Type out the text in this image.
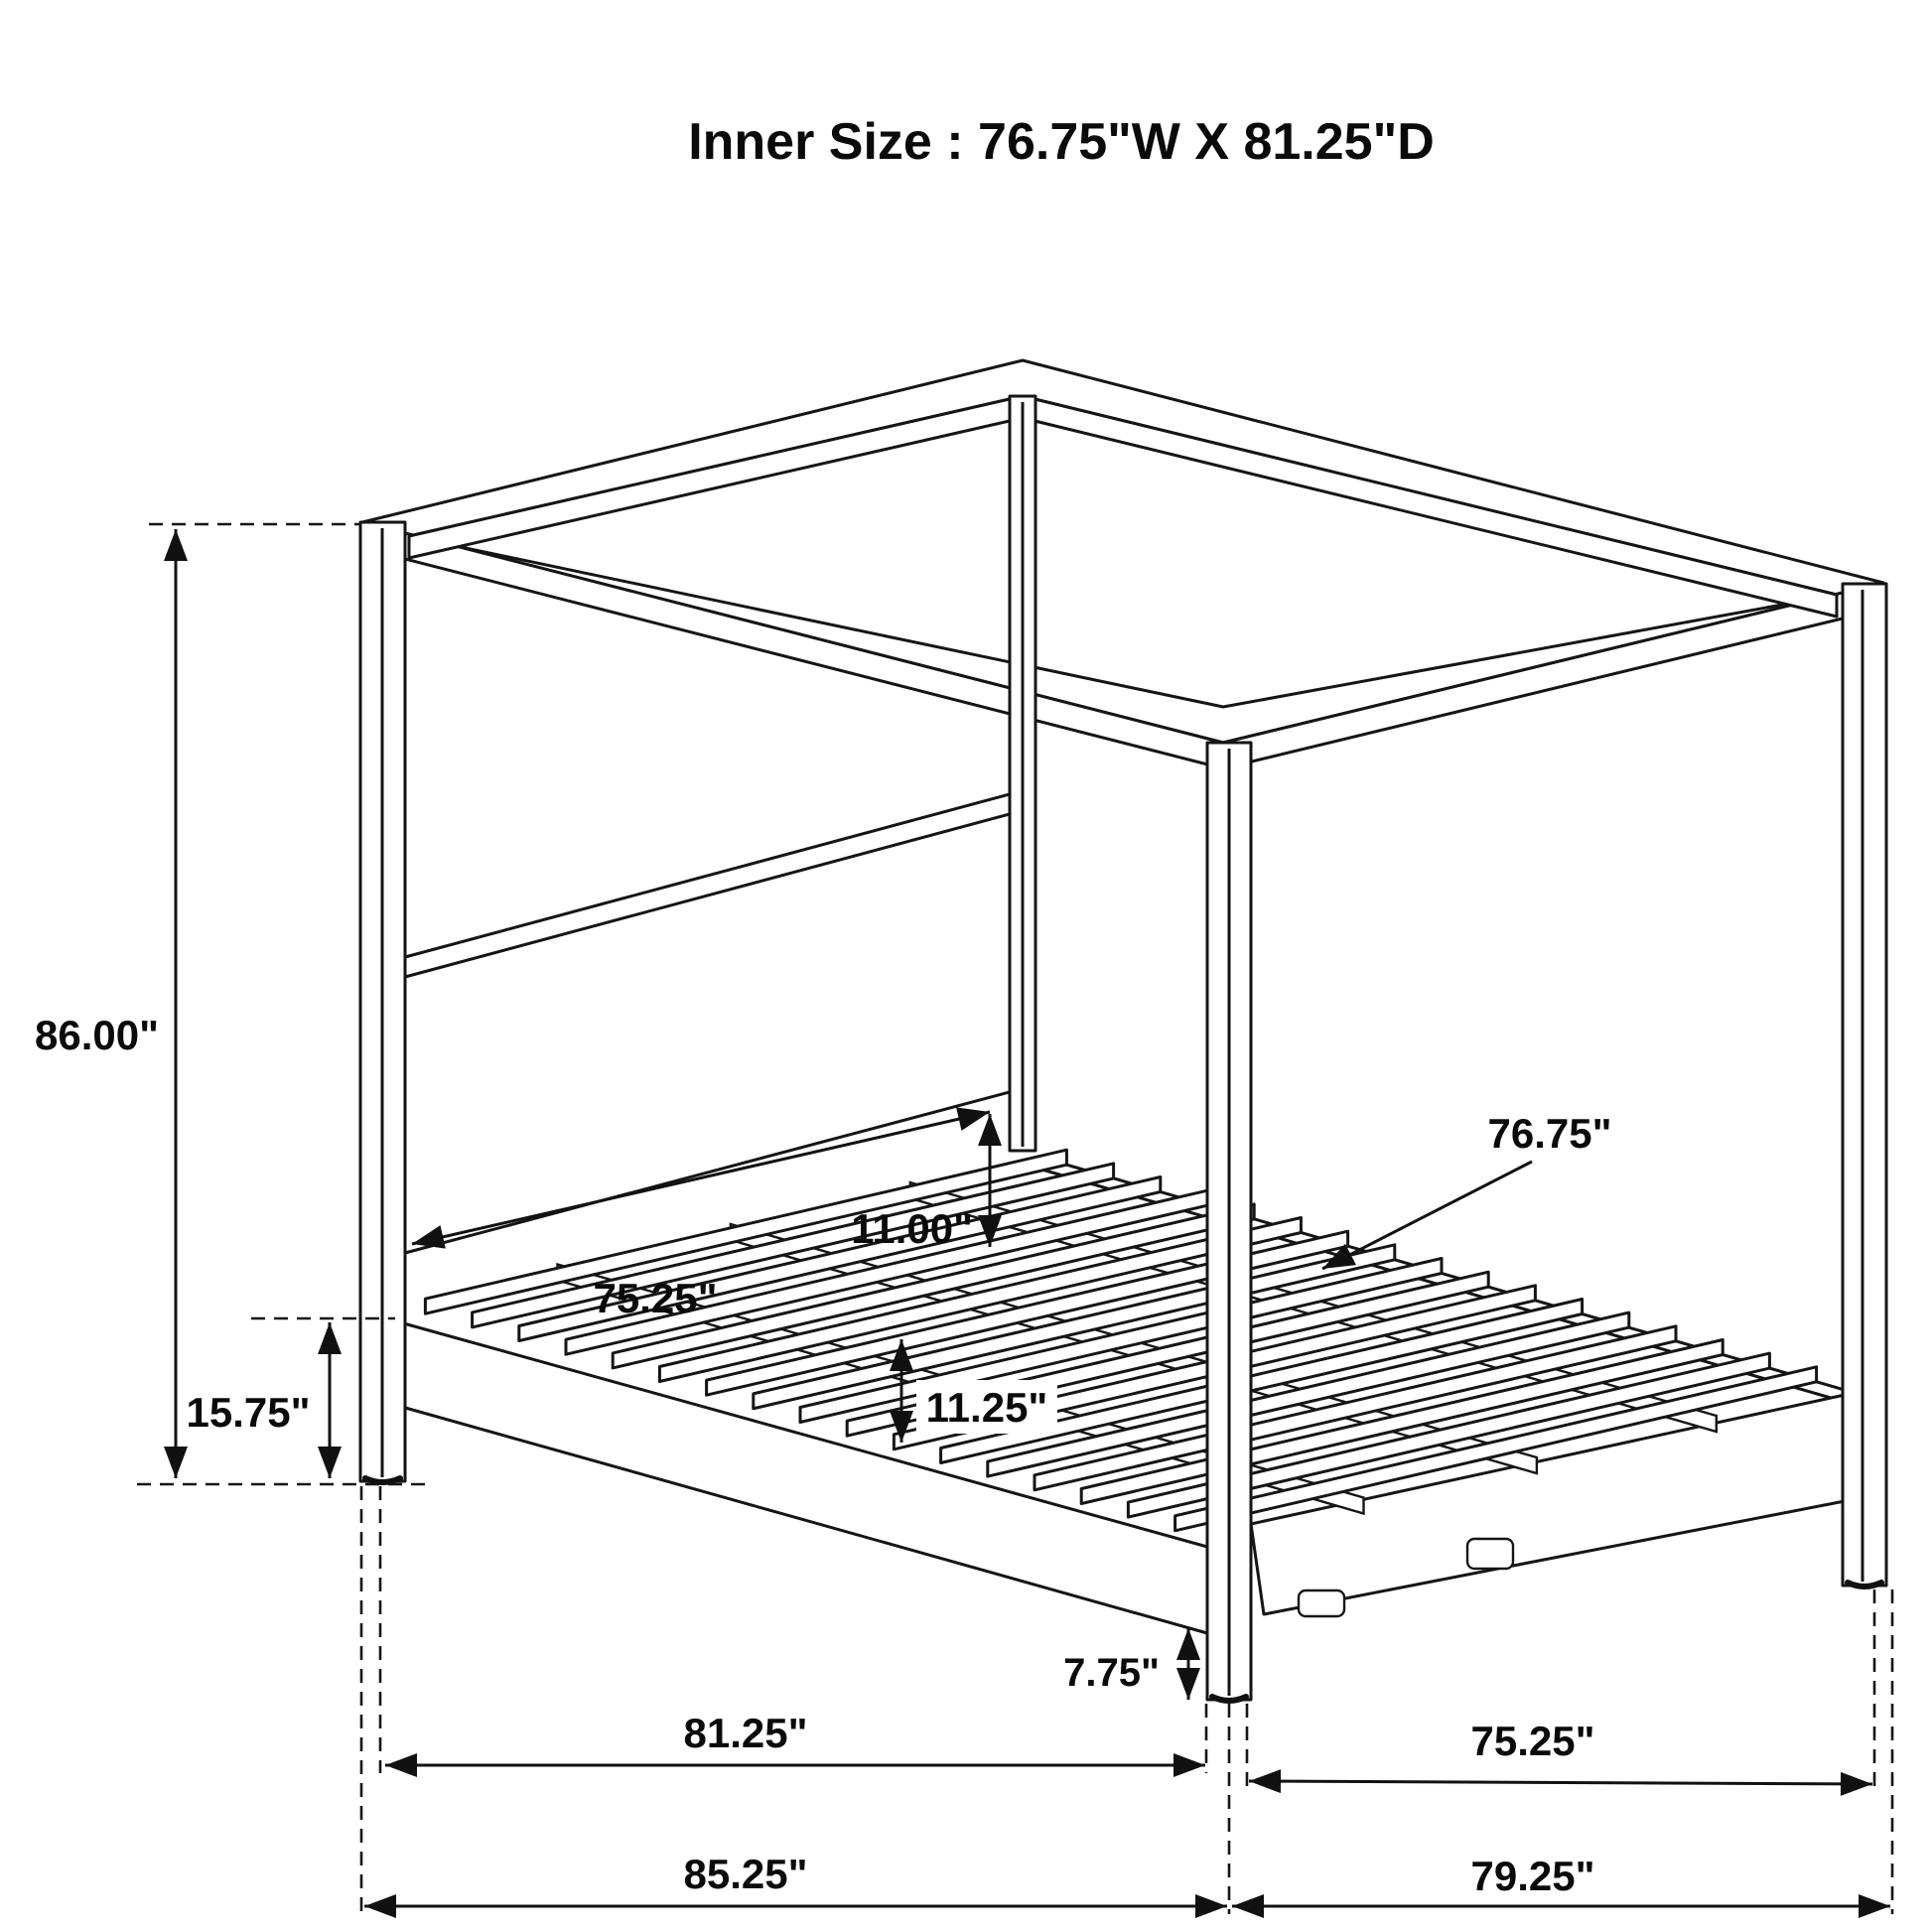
Inner Size : 76.75"W X 81.25"D
86.00"
15.75"
75.25"
11.00"
11.25"
76.75"
7.75"
81.25"
85.25"
75.25"
79.25"
